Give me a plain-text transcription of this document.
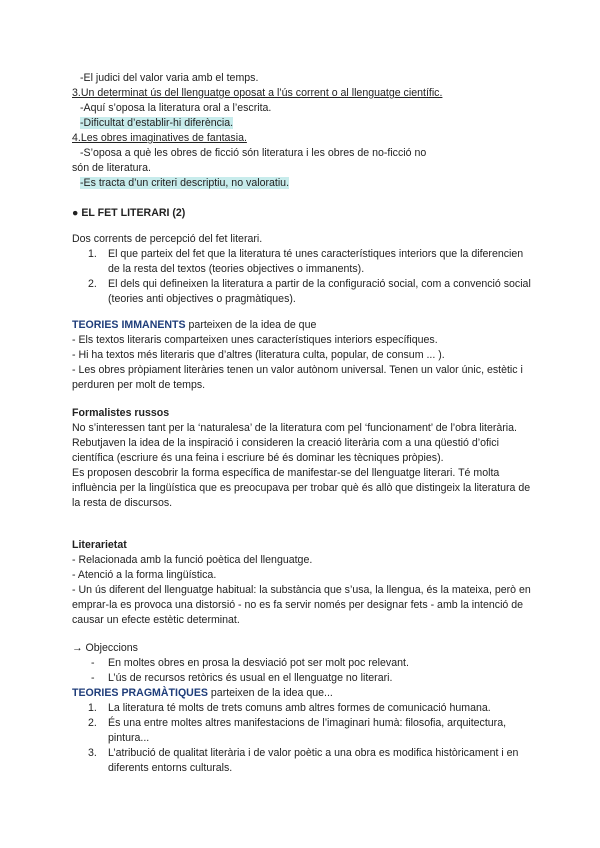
-El judici del valor varia amb el temps.
3.Un determinat ús del llenguatge oposat a l’ús corrent o al llenguatge científic.
-Aquí s’oposa la literatura oral a l’escrita.
-Dificultat d’establir-hi diferència.
4.Les obres imaginatives de fantasia.
-S’oposa a què les obres de ficció són literatura i les obres de no-ficció no
són de literatura.
-Es tracta d’un criteri descriptiu, no valoratiu.
● EL FET LITERARI (2)
Dos corrents de percepció del fet literari.
1. El que parteix del fet que la literatura té unes característiques interiors que la diferencien de la resta del textos (teories objectives o immanents).
2. El dels qui defineixen la literatura a partir de la configuració social, com a convenció social (teories anti objectives o pragmàtiques).
TEORIES IMMANENTS parteixen de la idea de que
- Els textos literaris comparteixen unes característiques interiors específiques.
- Hi ha textos més literaris que d’altres (literatura culta, popular, de consum ... ).
- Les obres pròpiament literàries tenen un valor autònom universal. Tenen un valor únic, estètic i perduren per molt de temps.
Formalistes russos
No s’interessen tant per la ‘naturalesa’ de la literatura com pel ‘funcionament’ de l’obra literària. Rebutjaven la idea de la inspiració i consideren la creació literària com a una qüestió d’ofici científica (escriure és una feina i escriure bé és dominar les tècniques pròpies).
Es proposen descobrir la forma específica de manifestar-se del llenguatge literari. Té molta influència per la lingüística que es preocupava per trobar què és allò que distingeix la literatura de la resta de discursos.
Literarietat
- Relacionada amb la funció poètica del llenguatge.
- Atenció a la forma lingüística.
- Un ús diferent del llenguatge habitual: la substància que s’usa, la llengua, és la mateixa, però en emprar-la es provoca una distorsió - no es fa servir només per designar fets - amb la intenció de causar un efecte estètic determinat.
→ Objeccions
- En moltes obres en prosa la desviació pot ser molt poc relevant.
- L’ús de recursos retòrics és usual en el llenguatge no literari.
TEORIES PRAGMÀTIQUES parteixen de la idea que...
1. La literatura té molts de trets comuns amb altres formes de comunicació humana.
2. És una entre moltes altres manifestacions de l’imaginari humà: filosofia, arquitectura, pintura...
3. L’atribució de qualitat literària i de valor poètic a una obra es modifica històricament i en diferents entorns culturals.
